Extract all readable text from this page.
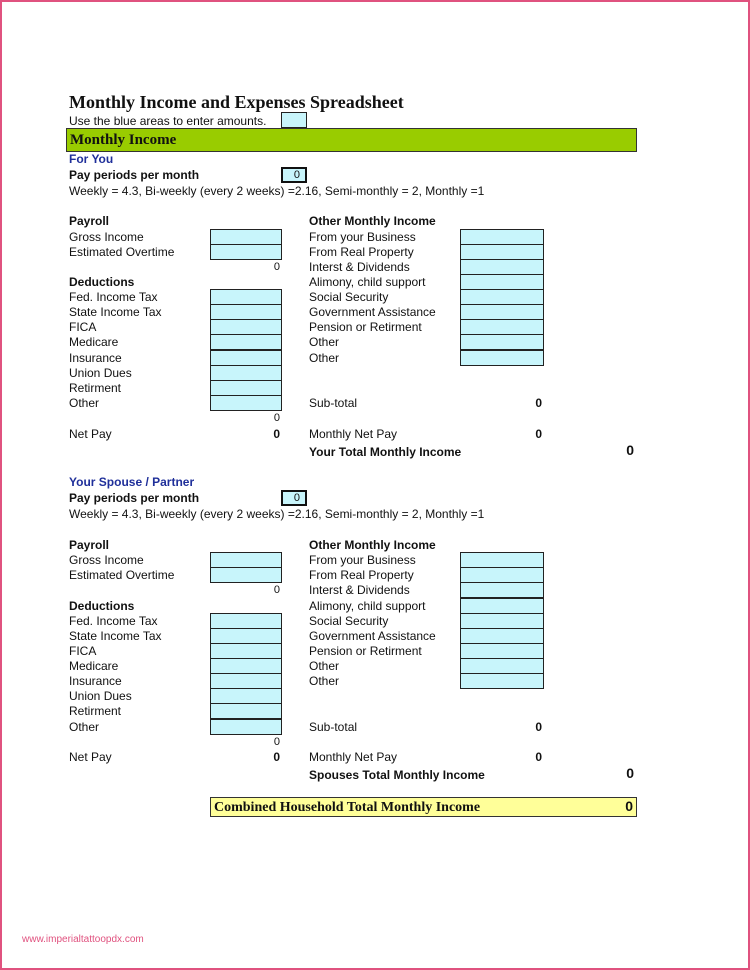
Monthly Income and Expenses Spreadsheet
Use the blue areas to enter amounts.
Monthly Income
For You
Pay periods per month	0
Weekly = 4.3, Bi-weekly (every 2 weeks) =2.16, Semi-monthly = 2, Monthly =1
Payroll
Gross Income
Estimated Overtime
0
Deductions
Fed. Income Tax
State Income Tax
FICA
Medicare
Insurance
Union Dues
Retirment
Other
0
Net Pay	0
Other Monthly Income
From your Business
From Real Property
Interst & Dividends
Alimony, child support
Social Security
Government Assistance
Pension or Retirment
Other
Other
Sub-total	0
Monthly Net Pay	0
Your Total Monthly Income	0
Your Spouse / Partner
Pay periods per month	0
Weekly = 4.3, Bi-weekly (every 2 weeks) =2.16, Semi-monthly = 2, Monthly =1
Payroll
Gross Income
Estimated Overtime
0
Deductions
Fed. Income Tax
State Income Tax
FICA
Medicare
Insurance
Union Dues
Retirment
Other
0
Net Pay	0
Other Monthly Income
From your Business
From Real Property
Interst & Dividends
Alimony, child support
Social Security
Government Assistance
Pension or Retirment
Other
Other
Sub-total	0
Monthly Net Pay	0
Spouses Total Monthly Income	0
Combined Household Total Monthly Income	0
www.imperialtattoopdx.com
